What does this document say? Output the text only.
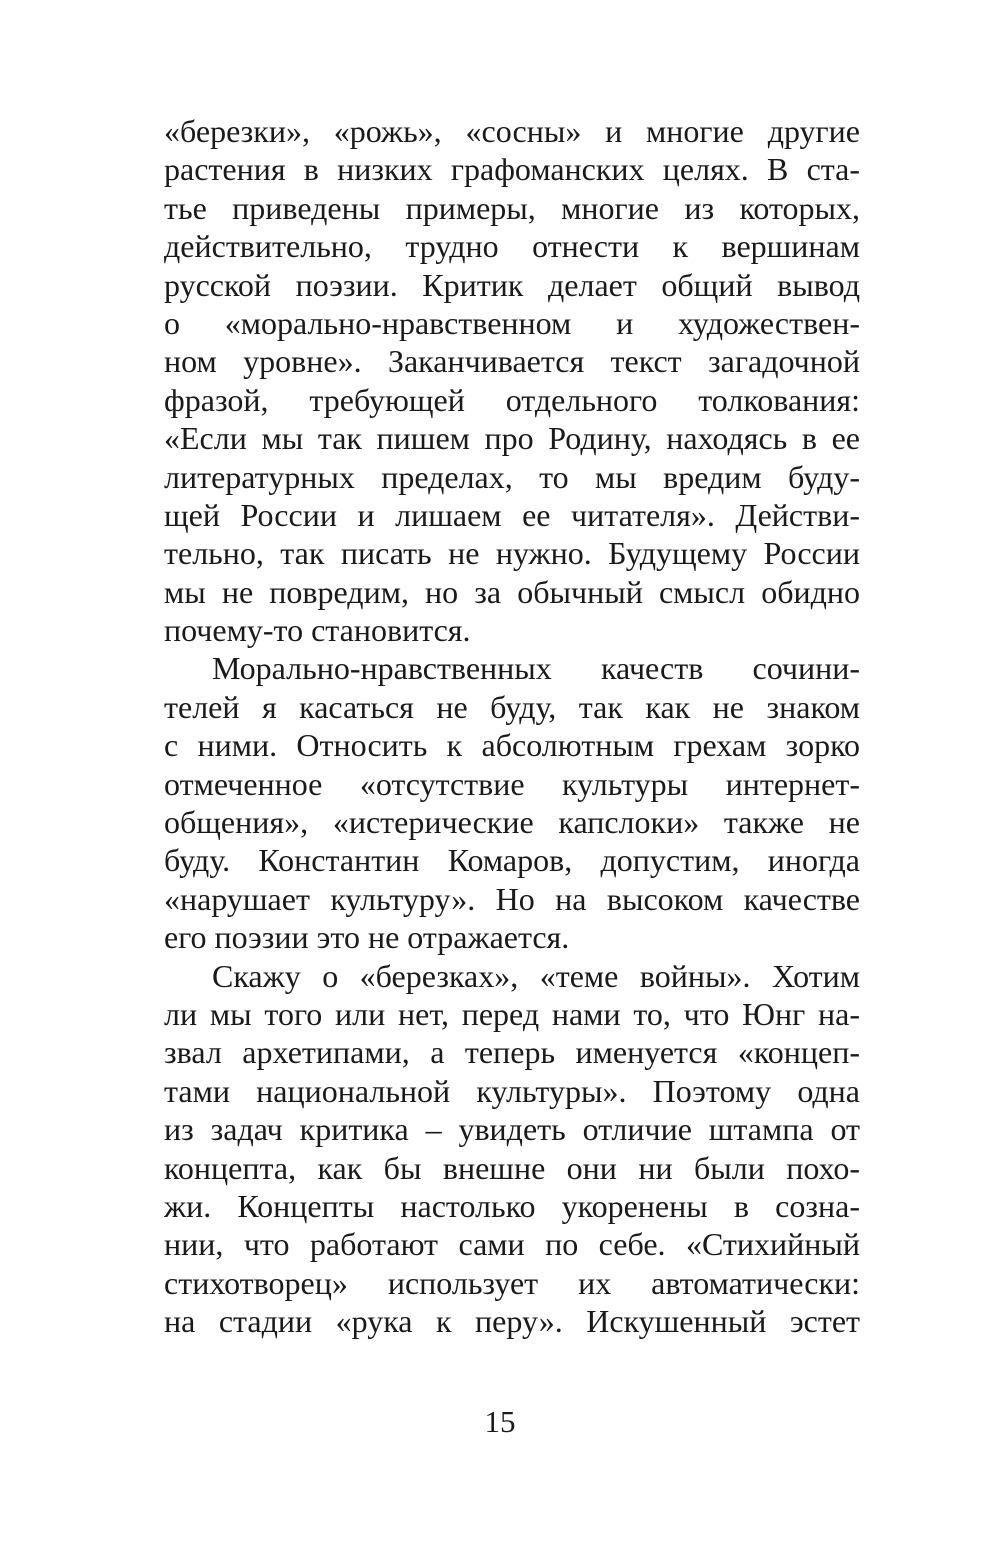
«березки», «рожь», «сосны» и многие другие
растения в низких графоманских целях. В ста-
тье приведены примеры, многие из которых,
действительно, трудно отнести к вершинам
русской поэзии. Критик делает общий вывод
о «морально-нравственном и художествен-
ном уровне». Заканчивается текст загадочной
фразой, требующей отдельного толкования:
«Если мы так пишем про Родину, находясь в ее
литературных пределах, то мы вредим буду-
щей России и лишаем ее читателя». Действи-
тельно, так писать не нужно. Будущему России
мы не повредим, но за обычный смысл обидно
почему-то становится.
Морально-нравственных качеств сочини-
телей я касаться не буду, так как не знаком
с ними. Относить к абсолютным грехам зорко
отмеченное «отсутствие культуры интернет-
общения», «истерические капслоки» также не
буду. Константин Комаров, допустим, иногда
«нарушает культуру». Но на высоком качестве
его поэзии это не отражается.
Скажу о «березках», «теме войны». Хотим
ли мы того или нет, перед нами то, что Юнг на-
звал архетипами, а теперь именуется «концеп-
тами национальной культуры». Поэтому одна
из задач критика – увидеть отличие штампа от
концепта, как бы внешне они ни были похо-
жи. Концепты настолько укоренены в созна-
нии, что работают сами по себе. «Стихийный
стихотворец» использует их автоматически:
на стадии «рука к перу». Искушенный эстет
15
